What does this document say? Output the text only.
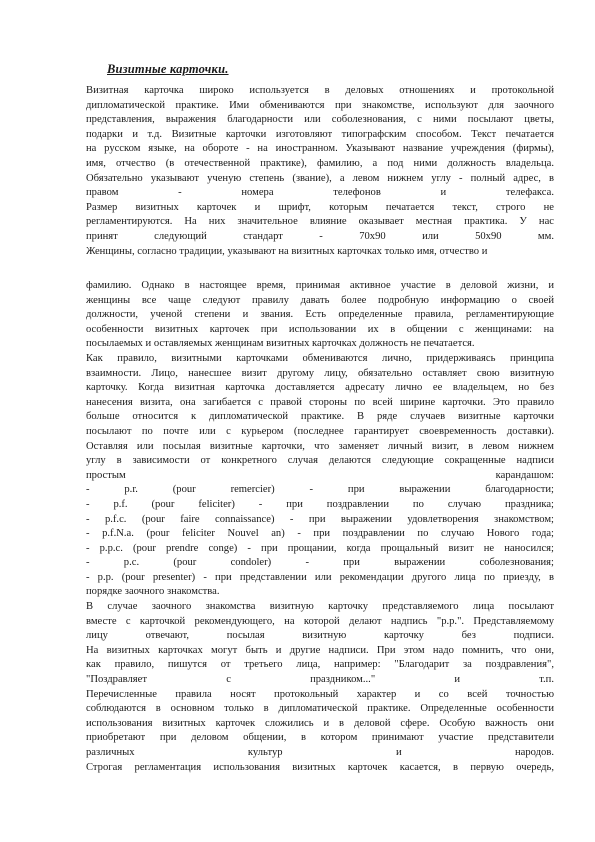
Визитные карточки.
Визитная карточка широко используется в деловых отношениях и протокольной
дипломатической практике. Ими обмениваются при знакомстве, используют для заочного
представления, выражения благодарности или соболезнования, с ними посылают цветы,
подарки и т.д. Визитные карточки изготовляют типографским способом. Текст печатается
на русском языке, на обороте - на иностранном. Указывают название учреждения (фирмы),
имя, отчество (в отечественной практике), фамилию, а под ними должность владельца.
Обязательно указывают ученую степень (звание), а левом нижнем углу - полный адрес, в
правом - номера телефонов и телефакса.
Размер визитных карточек и шрифт, которым печатается текст, строго не
регламентируются. На них значительное влияние оказывает местная практика. У нас
принят следующий стандарт - 70x90 или 50x90 мм.
Женщины, согласно традиции, указывают на визитных карточках только имя, отчество и
фамилию. Однако в настоящее время, принимая активное участие в деловой жизни, и
женщины все чаще следуют правилу давать более подробную информацию о своей
должности, ученой степени и звания. Есть определенные правила, регламентирующие
особенности визитных карточек при использовании их в общении с женщинами: на
посылаемых и оставляемых женщинам визитных карточках должность не печатается.
Как правило, визитными карточками обмениваются лично, придерживаясь принципа
взаимности. Лицо, нанесшее визит другому лицу, обязательно оставляет свою визитную
карточку. Когда визитная карточка доставляется адресату лично ее владельцем, но без
нанесения визита, она загибается с правой стороны по всей ширине карточки. Это правило
больше относится к дипломатической практике. В ряде случаев визитные карточки
посылают по почте или с курьером (последнее гарантирует своевременность доставки).
Оставляя или посылая визитные карточки, что заменяет личный визит, в левом нижнем
углу в зависимости от конкретного случая делаются следующие сокращенные надписи
простым карандашом:
- p.r. (pour remercier) - при выражении благодарности;
- p.f. (pour feliciter) - при поздравлении по случаю праздника;
- p.f.c. (pour faire connaissance) - при выражении удовлетворения знакомством;
- p.f.N.a. (pour feliciter Nouvel an) - при поздравлении по случаю Нового года;
- p.p.c. (pour prendre conge) - при прощании, когда прощальный визит не наносился;
- p.c. (pour condoler) - при выражении соболезнования;
- p.p. (pour presenter) - при представлении или рекомендации другого лица по приезду, в
порядке заочного знакомства.
В случае заочного знакомства визитную карточку представляемого лица посылают
вместе с карточкой рекомендующего, на которой делают надпись "p.p.". Представляемому
лицу отвечают, посылая визитную карточку без подписи.
На визитных карточках могут быть и другие надписи. При этом надо помнить, что они,
как правило, пишутся от третьего лица, например: "Благодарит за поздравления",
"Поздравляет с праздником..." и т.п.
Перечисленные правила носят протокольный характер и со всей точностью
соблюдаются в основном только в дипломатической практике. Определенные особенности
использования визитных карточек сложились и в деловой сфере. Особую важность они
приобретают при деловом общении, в котором принимают участие представители
различных культур и народов.
Строгая регламентация использования визитных карточек касается, в первую очередь,
